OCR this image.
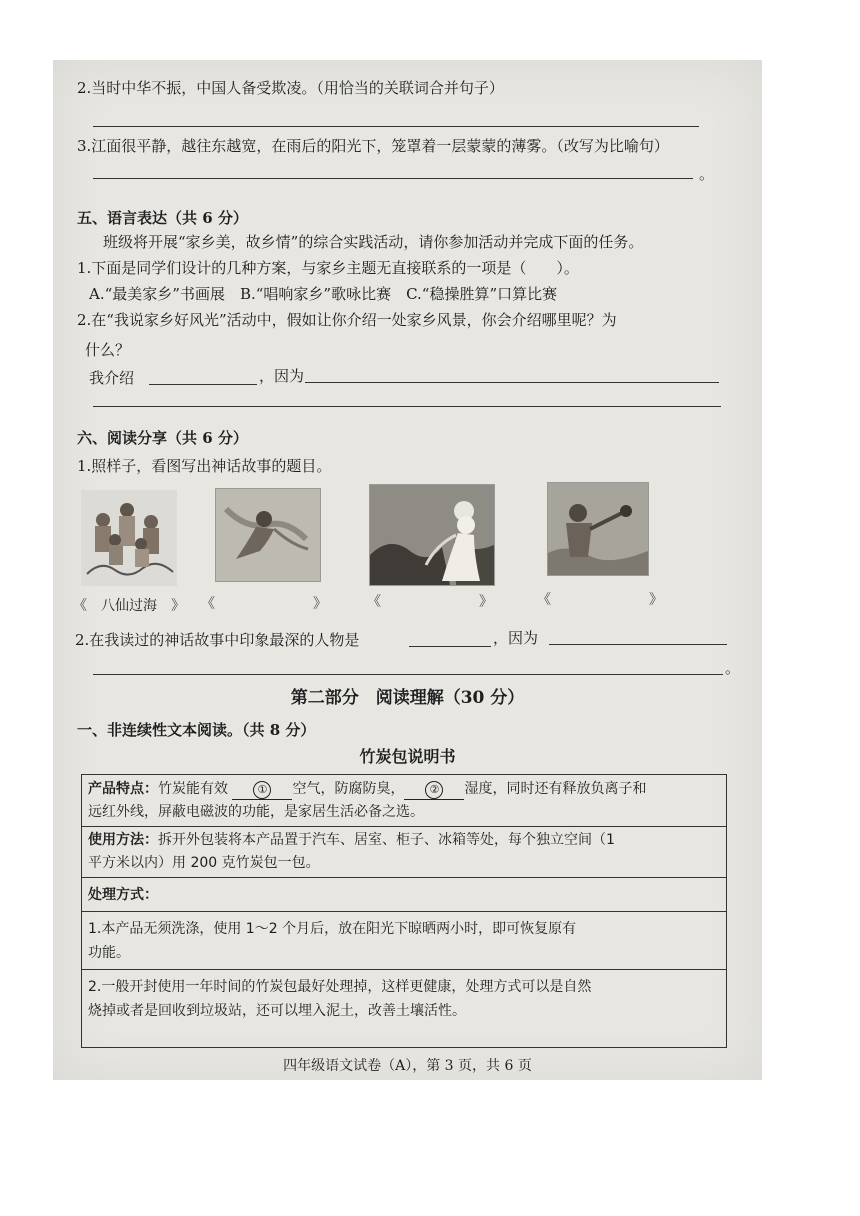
2.当时中华不振，中国人备受欺凌。（用恰当的关联词合并句子）
3.江面很平静，越往东越宽，在雨后的阳光下，笼罩着一层蒙蒙的薄雾。（改写为比喻句）
。
五、语言表达（共 6 分）
班级将开展“家乡美，故乡情”的综合实践活动，请你参加活动并完成下面的任务。
1.下面是同学们设计的几种方案，与家乡主题无直接联系的一项是（　　）。
A.“最美家乡”书画展　B.“唱响家乡”歌咏比赛　C.“稳操胜算”口算比赛
2.在“我说家乡好风光”活动中，假如让你介绍一处家乡风景，你会介绍哪里呢？为
什么？
我介绍	，因为
六、阅读分享（共 6 分）
1.照样子，看图写出神话故事的题目。
《　八仙过海　》 《　　　　　　　》	《　　　　　　　》	《　　　　　　　》
2.在我读过的神话故事中印象最深的人物是	，因为
。
第二部分　阅读理解（30 分）
一、非连续性文本阅读。（共 8 分）
竹炭包说明书
产品特点：竹炭能有效	① 空气，防腐防臭， ② 湿度，同时还有释放负离子和
远红外线，屏蔽电磁波的功能，是家居生活必备之选。
使用方法：拆开外包装将本产品置于汽车、居室、柜子、冰箱等处，每个独立空间（1
平方米以内）用 200 克竹炭包一包。
处理方式：
1.本产品无须洗涤，使用 1～2 个月后，放在阳光下晾晒两小时，即可恢复原有
功能。
2.一般开封使用一年时间的竹炭包最好处理掉，这样更健康，处理方式可以是自然
烧掉或者是回收到垃圾站，还可以埋入泥土，改善土壤活性。
四年级语文试卷（A），第 3 页，共 6 页
